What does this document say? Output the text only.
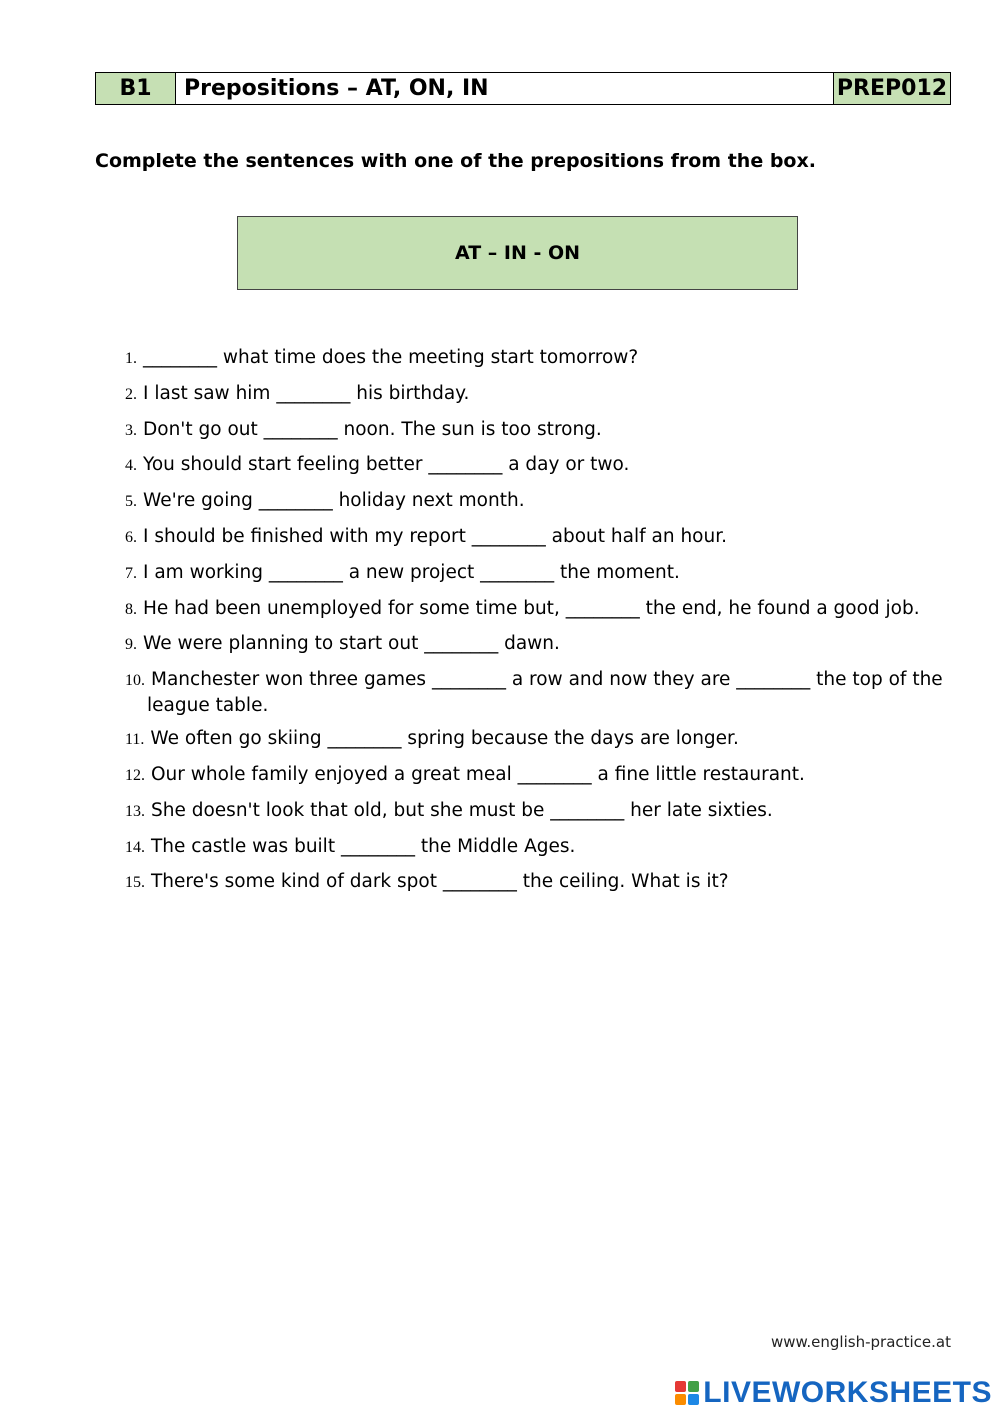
B1	Prepositions – AT, ON, IN	PREP012
Complete the sentences with one of the prepositions from the box.
AT – IN - ON
1. ________ what time does the meeting start tomorrow?
2. I last saw him ________ his birthday.
3. Don't go out ________ noon. The sun is too strong.
4. You should start feeling better ________ a day or two.
5. We're going ________ holiday next month.
6. I should be finished with my report ________ about half an hour.
7. I am working ________ a new project ________ the moment.
8. He had been unemployed for some time but, ________ the end, he found a good job.
9. We were planning to start out ________ dawn.
10. Manchester won three games ________ a row and now they are ________ the top of the
league table.
11. We often go skiing ________ spring because the days are longer.
12. Our whole family enjoyed a great meal ________ a fine little restaurant.
13. She doesn't look that old, but she must be ________ her late sixties.
14. The castle was built ________ the Middle Ages.
15. There's some kind of dark spot ________ the ceiling. What is it?
www.english-practice.at
LIVEWORKSHEETS
